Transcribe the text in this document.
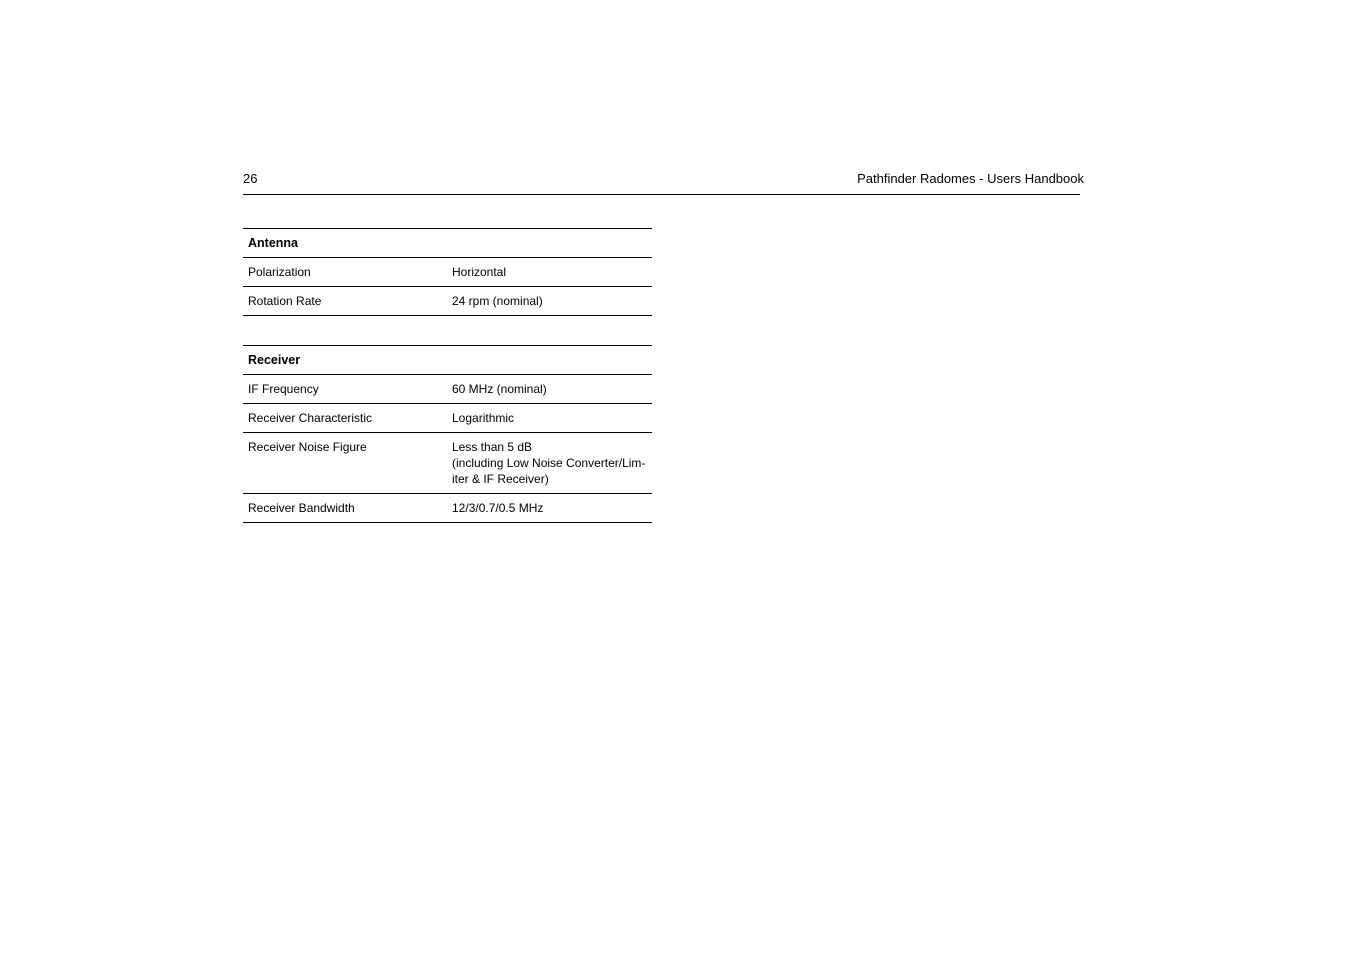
26	Pathfinder Radomes - Users Handbook
Antenna	
Polarization	Horizontal
Rotation Rate	24 rpm (nominal)
Receiver	
IF Frequency	60 MHz (nominal)
Receiver Characteristic	Logarithmic
Receiver Noise Figure	Less than 5 dB
(including Low Noise Converter/Lim-
iter & IF Receiver)

Receiver Bandwidth	12/3/0.7/0.5 MHz
